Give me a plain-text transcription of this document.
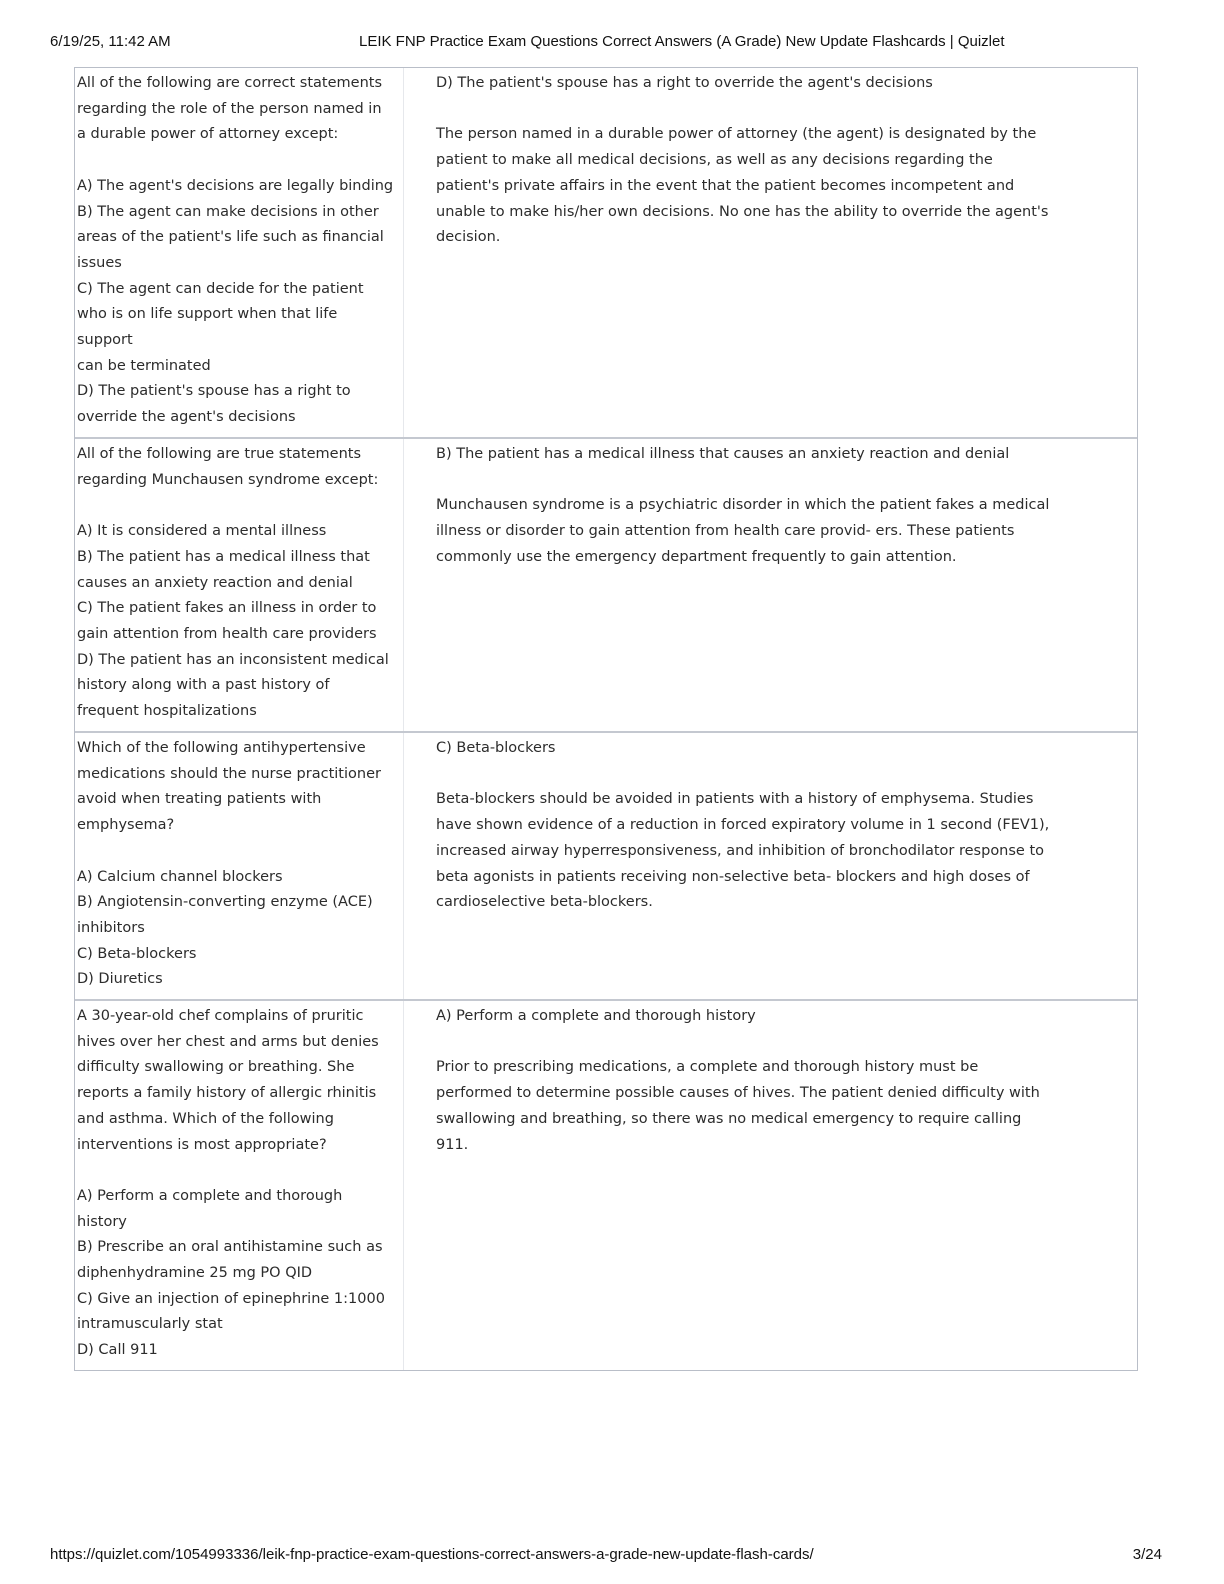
6/19/25, 11:42 AM	LEIK FNP Practice Exam Questions Correct Answers (A Grade) New Update Flashcards | Quizlet
All of the following are correct statements
regarding the role of the person named in
a durable power of attorney except:

A) The agent's decisions are legally binding
B) The agent can make decisions in other
areas of the patient's life such as financial
issues
C) The agent can decide for the patient
who is on life support when that life
support
can be terminated
D) The patient's spouse has a right to
override the agent's decisions
D) The patient's spouse has a right to override the agent's decisions

The person named in a durable power of attorney (the agent) is designated by the patient to make all medical decisions, as well as any decisions regarding the patient's private affairs in the event that the patient becomes incompetent and unable to make his/her own decisions. No one has the ability to override the agent's decision.
All of the following are true statements
regarding Munchausen syndrome except:

A) It is considered a mental illness
B) The patient has a medical illness that
causes an anxiety reaction and denial
C) The patient fakes an illness in order to
gain attention from health care providers
D) The patient has an inconsistent medical
history along with a past history of
frequent hospitalizations
B) The patient has a medical illness that causes an anxiety reaction and denial

Munchausen syndrome is a psychiatric disorder in which the patient fakes a medical illness or disorder to gain attention from health care provid- ers. These patients commonly use the emergency department frequently to gain attention.
Which of the following antihypertensive
medications should the nurse practitioner
avoid when treating patients with
emphysema?

A) Calcium channel blockers
B) Angiotensin-converting enzyme (ACE)
inhibitors
C) Beta-blockers
D) Diuretics
C) Beta-blockers

Beta-blockers should be avoided in patients with a history of emphysema. Studies have shown evidence of a reduction in forced expiratory volume in 1 second (FEV1), increased airway hyperresponsiveness, and inhibition of bronchodilator response to beta agonists in patients receiving non-selective beta- blockers and high doses of cardioselective beta-blockers.
A 30-year-old chef complains of pruritic
hives over her chest and arms but denies
difficulty swallowing or breathing. She
reports a family history of allergic rhinitis
and asthma. Which of the following
interventions is most appropriate?

A) Perform a complete and thorough
history
B) Prescribe an oral antihistamine such as
diphenhydramine 25 mg PO QID
C) Give an injection of epinephrine 1:1000
intramuscularly stat
D) Call 911
A) Perform a complete and thorough history

Prior to prescribing medications, a complete and thorough history must be performed to determine possible causes of hives. The patient denied difficulty with swallowing and breathing, so there was no medical emergency to require calling 911.
https://quizlet.com/1054993336/leik-fnp-practice-exam-questions-correct-answers-a-grade-new-update-flash-cards/	3/24
